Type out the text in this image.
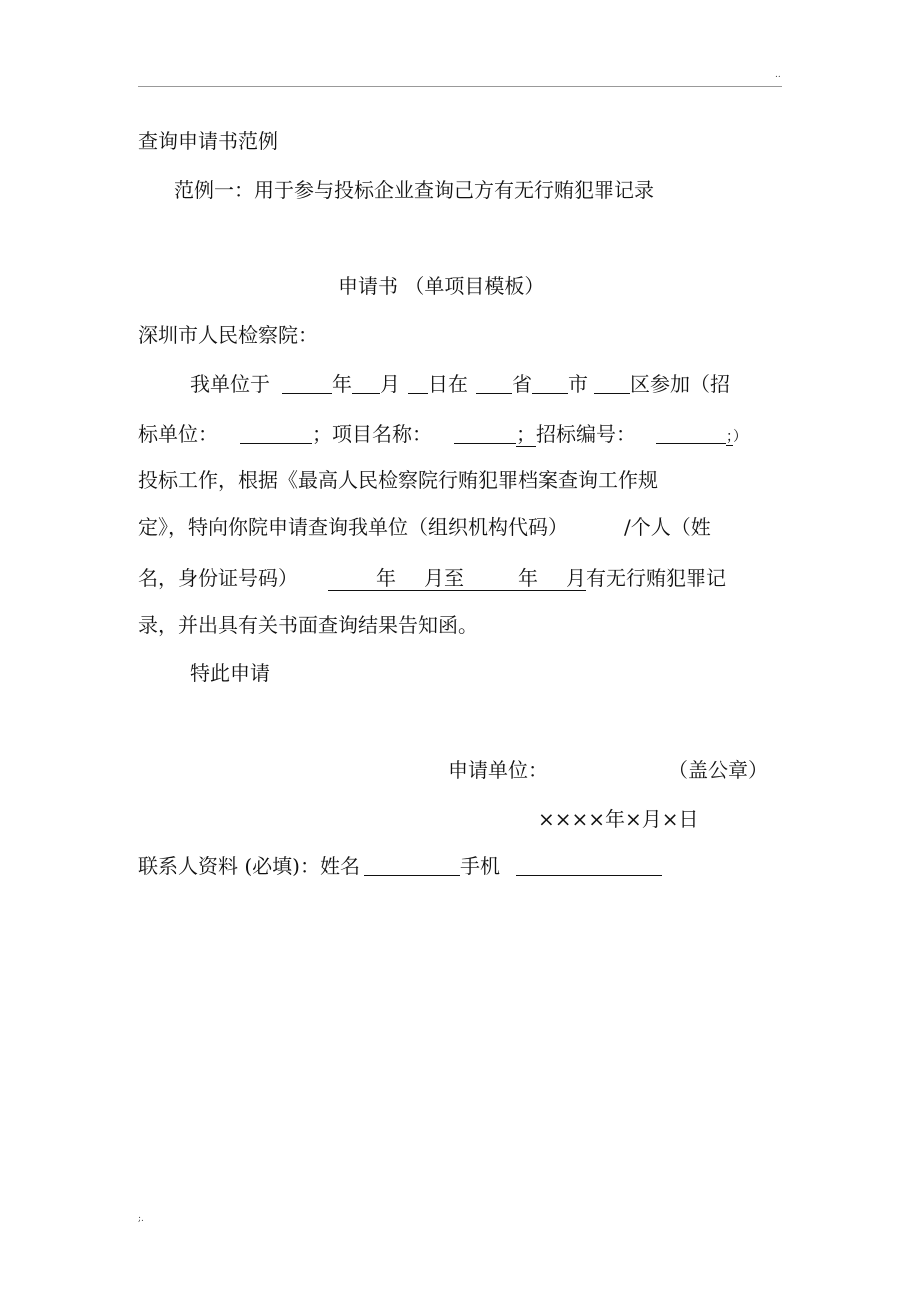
..
查询申请书范例
范例一：用于参与投标企业查询己方有无行贿犯罪记录
申请书 （单项目模板）
深圳市人民检察院：
我单位于	年 月 日在 省 市 区参加（招
标单位：	；项目名称：	；招标编号：	；）
投标工作，根据《最高人民检察院行贿犯罪档案查询工作规
定》，特向你院申请查询我单位（组织机构代码）	/个人（姓
名，身份证号码）	年 月至	年 月有无行贿犯罪记
录，并出具有关书面查询结果告知函。
特此申请
申请单位：	（盖公章）
××××年×月×日
联系人资料 (必填)：姓名	手机
;.
